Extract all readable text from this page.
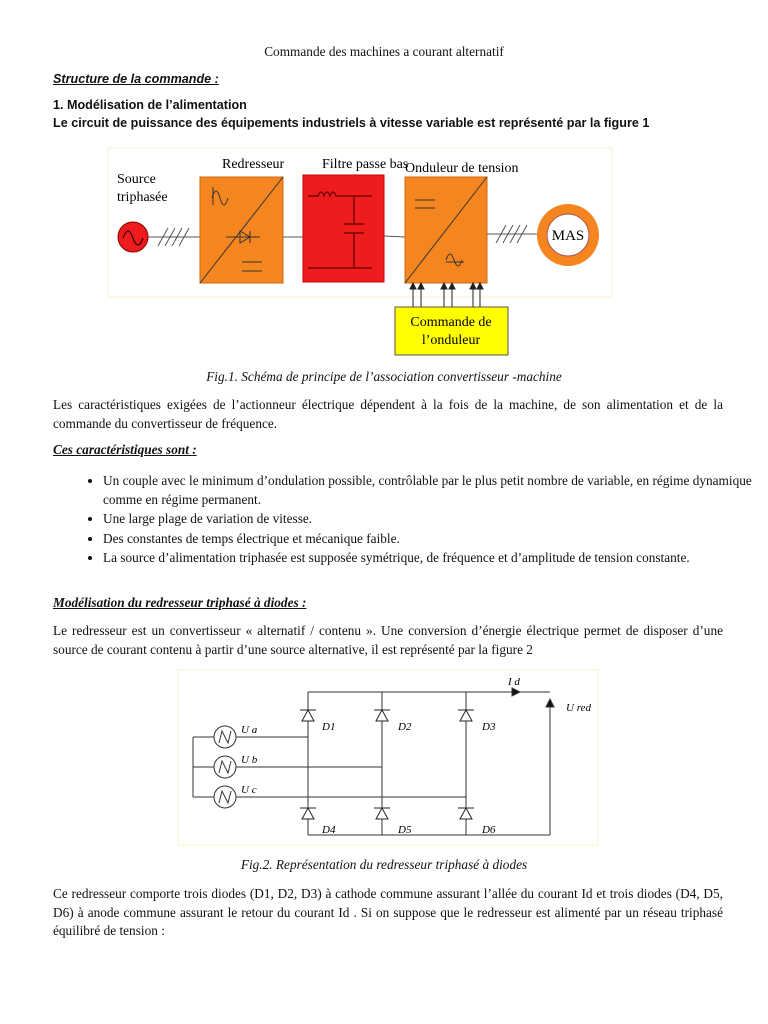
Commande des machines a courant alternatif
Structure de la commande :
1. Modélisation de l’alimentation
Le circuit de puissance des équipements industriels à vitesse variable est représenté par la figure 1
Source
triphasée
Redresseur	Filtre passe bas
Onduleur de tension
MAS
Commande de
l’onduleur
Fig.1. Schéma de principe de l’association convertisseur -machine
Les caractéristiques exigées de l’actionneur électrique dépendent à la fois de la machine, de son alimentation et de la commande du convertisseur de fréquence.
Ces caractéristiques sont :
• Un couple avec le minimum d’ondulation possible, contrôlable par le plus petit nombre de variable, en régime dynamique comme en régime permanent.
• Une large plage de variation de vitesse.
• Des constantes de temps électrique et mécanique faible.
• La source d’alimentation triphasée est supposée symétrique, de fréquence et d’amplitude de tension constante.
Modélisation du redresseur triphasé à diodes :
Le redresseur est un convertisseur « alternatif / contenu ». Une conversion d’énergie électrique permet de disposer d’une source de courant contenu à partir d’une source alternative, il est représenté par la figure 2
U a
U b
U c
D1	D2	D3
D4	D5	D6
I d
U red
Fig.2. Représentation du redresseur triphasé à diodes
Ce redresseur comporte trois diodes (D1, D2, D3) à cathode commune assurant l’allée du courant Id et trois diodes (D4, D5, D6) à anode commune assurant le retour du courant Id . Si on suppose que le redresseur est alimenté par un réseau triphasé équilibré de tension :
